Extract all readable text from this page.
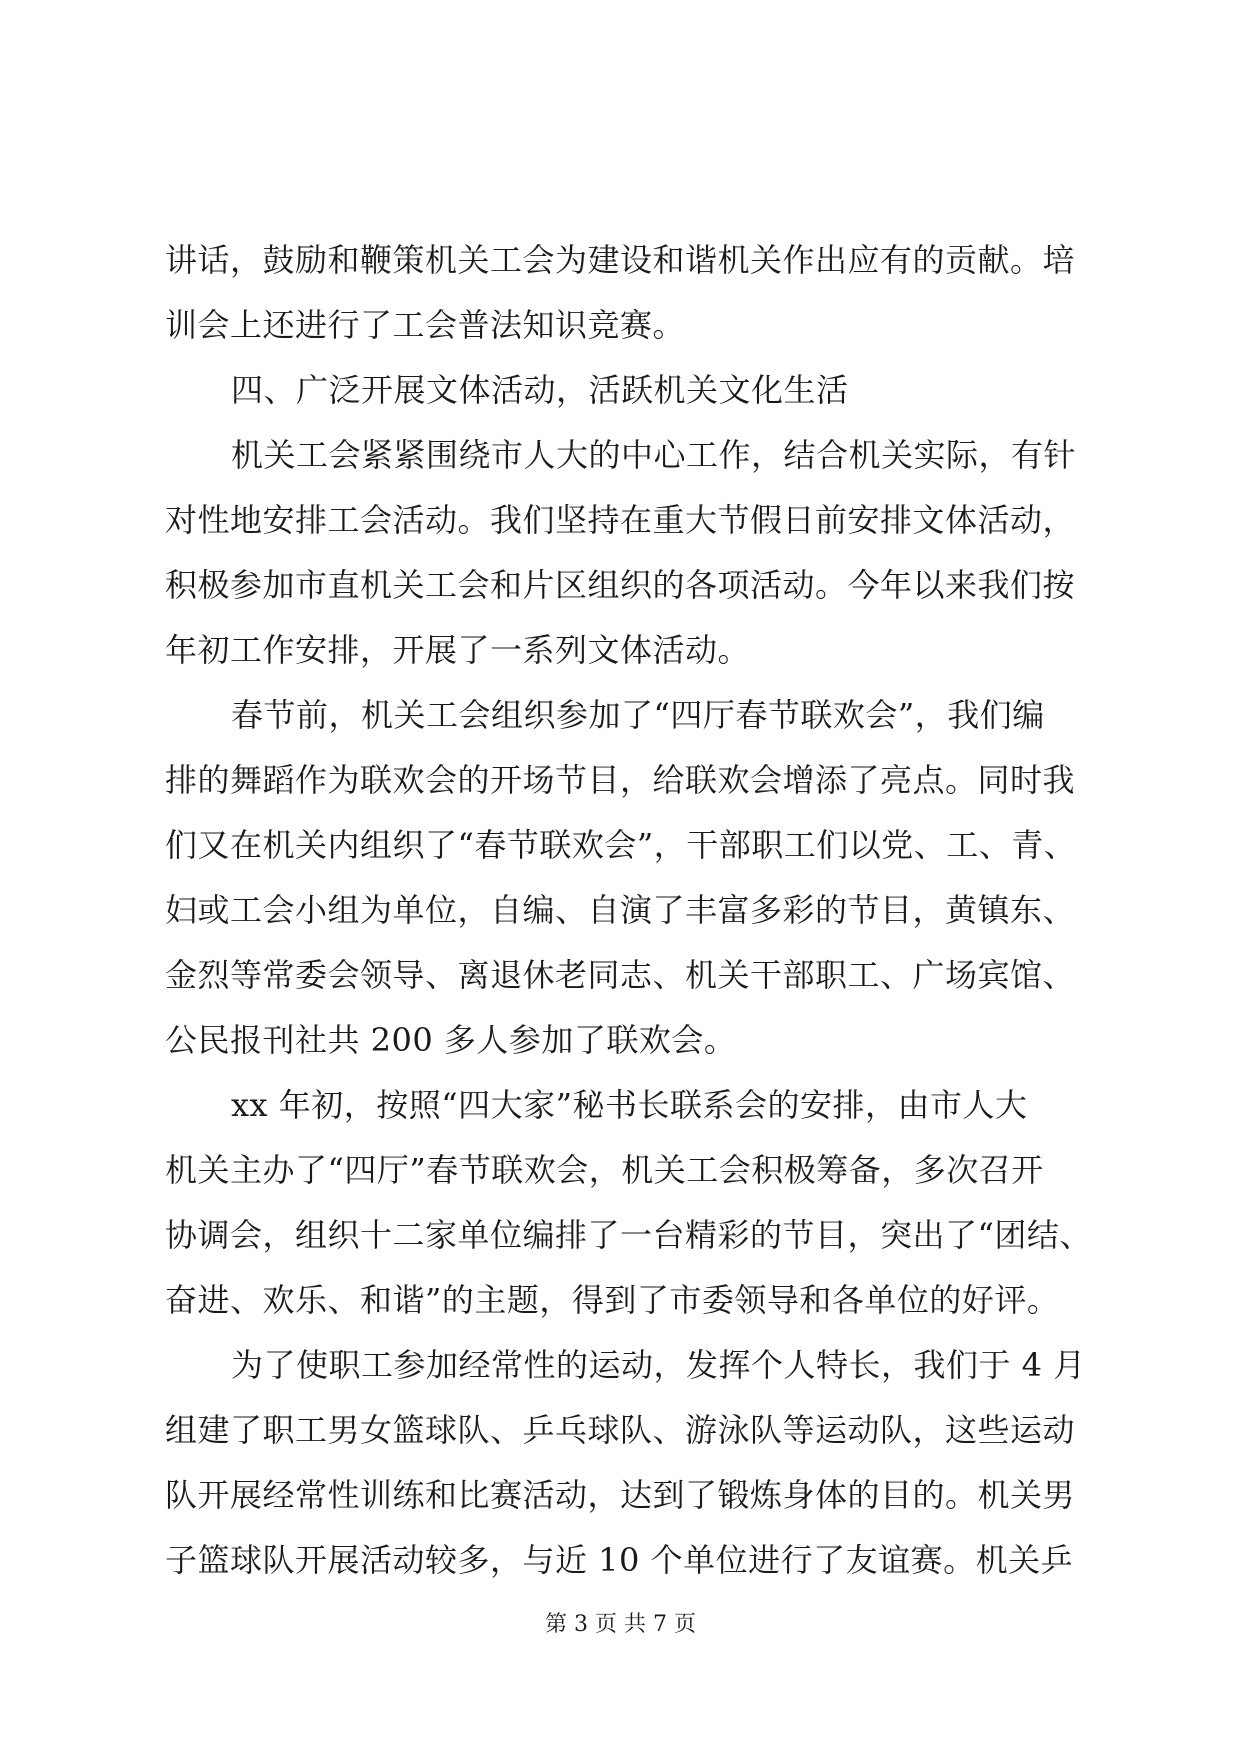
讲话，鼓励和鞭策机关工会为建设和谐机关作出应有的贡献。培
训会上还进行了工会普法知识竞赛。
四、广泛开展文体活动，活跃机关文化生活
机关工会紧紧围绕市人大的中心工作，结合机关实际，有针
对性地安排工会活动。我们坚持在重大节假日前安排文体活动，
积极参加市直机关工会和片区组织的各项活动。今年以来我们按
年初工作安排，开展了一系列文体活动。
春节前，机关工会组织参加了“四厅春节联欢会”，我们编
排的舞蹈作为联欢会的开场节目，给联欢会增添了亮点。同时我
们又在机关内组织了“春节联欢会”，干部职工们以党、工、青、
妇或工会小组为单位，自编、自演了丰富多彩的节目，黄镇东、
金烈等常委会领导、离退休老同志、机关干部职工、广场宾馆、
公民报刊社共 200 多人参加了联欢会。
xx 年初，按照“四大家”秘书长联系会的安排，由市人大
机关主办了“四厅”春节联欢会，机关工会积极筹备，多次召开
协调会，组织十二家单位编排了一台精彩的节目，突出了“团结、
奋进、欢乐、和谐”的主题，得到了市委领导和各单位的好评。
为了使职工参加经常性的运动，发挥个人特长，我们于 4 月
组建了职工男女篮球队、乒乓球队、游泳队等运动队，这些运动
队开展经常性训练和比赛活动，达到了锻炼身体的目的。机关男
子篮球队开展活动较多，与近 10 个单位进行了友谊赛。机关乒
第 3 页 共 7 页
